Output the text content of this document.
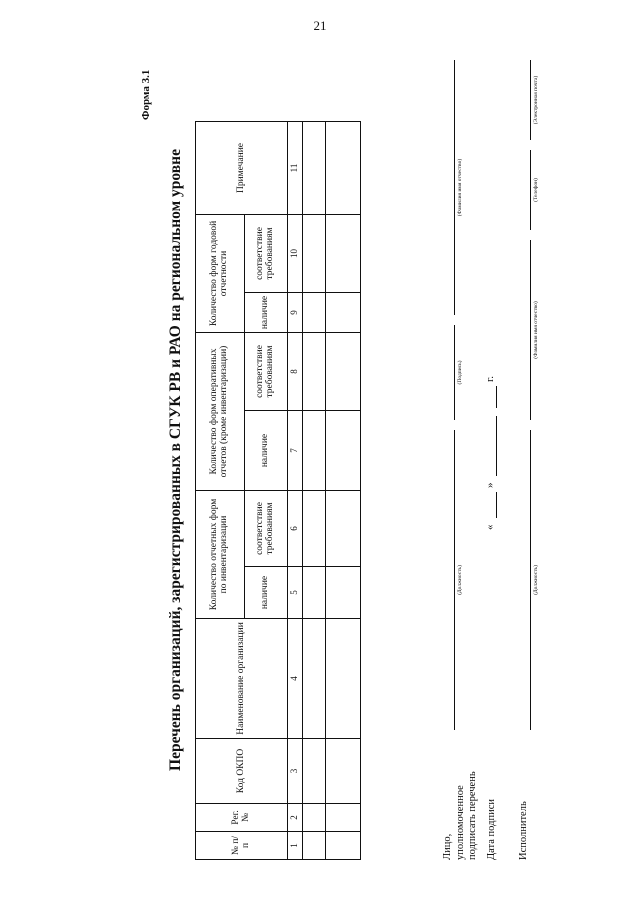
21
Форма 3.1
Перечень организаций, зарегистрированных в СГУК РВ и РАО на региональном уровне
№ п/п	Рег. №	Код ОКПО	Наименование организации	Количество отчетных форм по инвентаризации		Количество форм оперативных отчетов (кроме инвентаризации)		Количество форм годовой отчетности		Примечание
				наличие	соответствие требованиям	наличие	соответствие требованиям	наличие	соответствие требованиям	
1	2	3	4	5	6	7	8	9	10	11

Лицо, уполномоченное подписать перечень
(Должность)
(Подпись)
(Фамилия имя отчество)
Дата подписи
«
»
г.
Исполнитель
(Должность)
(Фамилия имя отчество)
(Телефон)
(Электронная почта)
